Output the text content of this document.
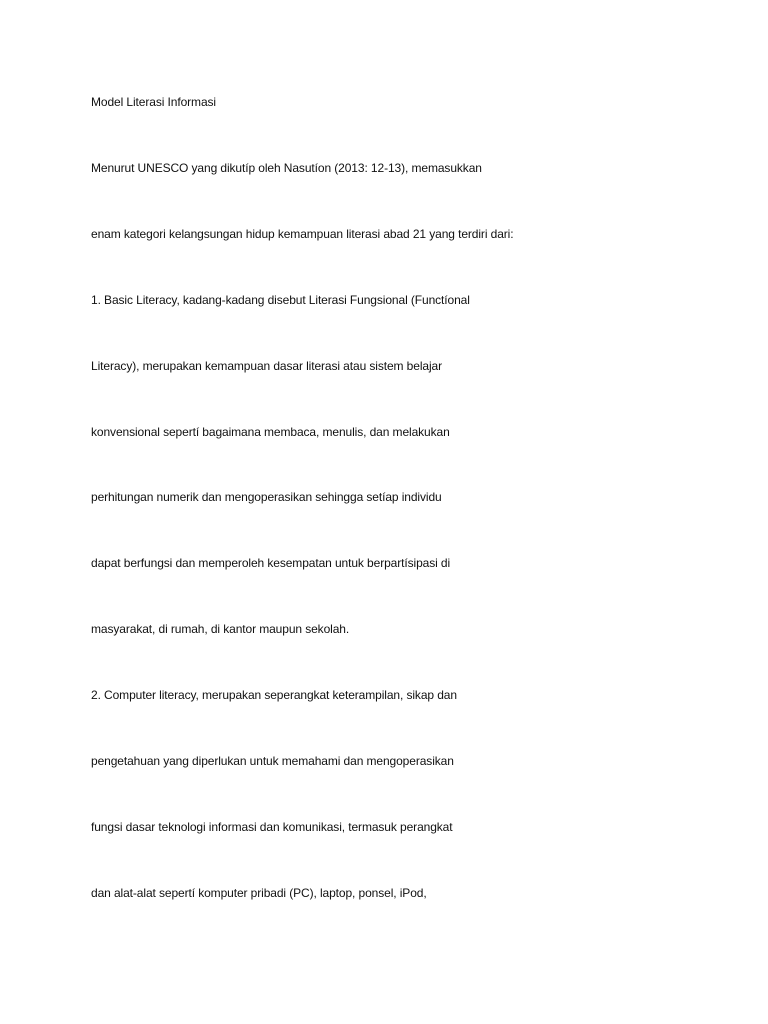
Model Literasi Informasi

Menurut UNESCO yang dikutíp oleh Nasutíon (2013: 12-13), memasukkan

enam kategori kelangsungan hidup kemampuan literasi abad 21 yang terdiri dari:

1. Basic Literacy, kadang-kadang disebut Literasi Fungsional (Functíonal

Literacy), merupakan kemampuan dasar literasi atau sistem belajar

konvensional sepertí bagaimana membaca, menulis, dan melakukan

perhitungan numerik dan mengoperasikan sehingga setíap individu

dapat berfungsi dan memperoleh kesempatan untuk berpartísipasi di

masyarakat, di rumah, di kantor maupun sekolah.

2. Computer literacy, merupakan seperangkat keterampilan, sikap dan

pengetahuan yang diperlukan untuk memahami dan mengoperasikan

fungsi dasar teknologi informasi dan komunikasi, termasuk perangkat

dan alat-alat sepertí komputer pribadi (PC), laptop, ponsel, iPod,
